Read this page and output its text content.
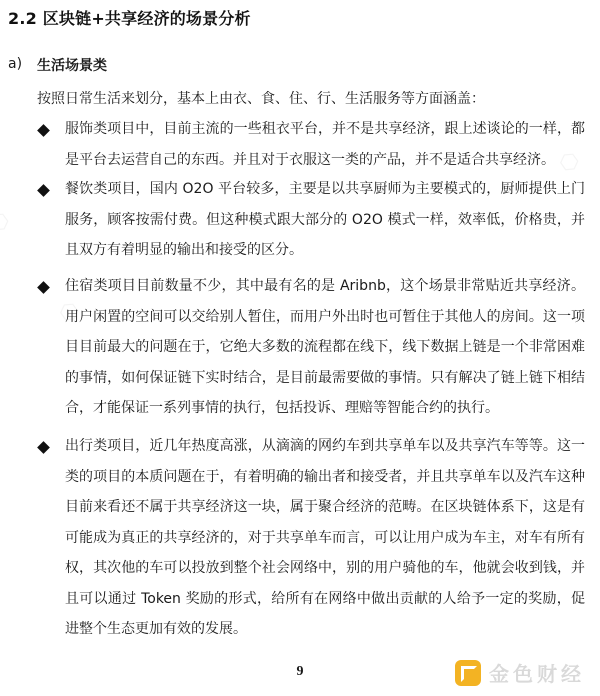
2.2 区块链+共享经济的场景分析
a) 生活场景类
按照日常生活来划分，基本上由衣、食、住、行、生活服务等方面涵盖：
服饰类项目中，目前主流的一些租衣平台，并不是共享经济，跟上述谈论的一样，都是平台去运营自己的东西。并且对于衣服这一类的产品，并不是适合共享经济。
餐饮类项目，国内 O2O 平台较多，主要是以共享厨师为主要模式的，厨师提供上门服务，顾客按需付费。但这种模式跟大部分的 O2O 模式一样，效率低，价格贵，并且双方有着明显的输出和接受的区分。
住宿类项目目前数量不少，其中最有名的是 Aribnb，这个场景非常贴近共享经济。用户闲置的空间可以交给别人暂住，而用户外出时也可暂住于其他人的房间。这一项目目前最大的问题在于，它绝大多数的流程都在线下，线下数据上链是一个非常困难的事情，如何保证链下实时结合，是目前最需要做的事情。只有解决了链上链下相结合，才能保证一系列事情的执行，包括投诉、理赔等智能合约的执行。
出行类项目，近几年热度高涨，从滴滴的网约车到共享单车以及共享汽车等等。这一类的项目的本质问题在于，有着明确的输出者和接受者，并且共享单车以及汽车这种目前来看还不属于共享经济这一块，属于聚合经济的范畴。在区块链体系下，这是有可能成为真正的共享经济的，对于共享单车而言，可以让用户成为车主，对车有所有权，其次他的车可以投放到整个社会网络中，别的用户骑他的车，他就会收到钱，并且可以通过 Token 奖励的形式，给所有在网络中做出贡献的人给予一定的奖励，促进整个生态更加有效的发展。
9	金色财经
